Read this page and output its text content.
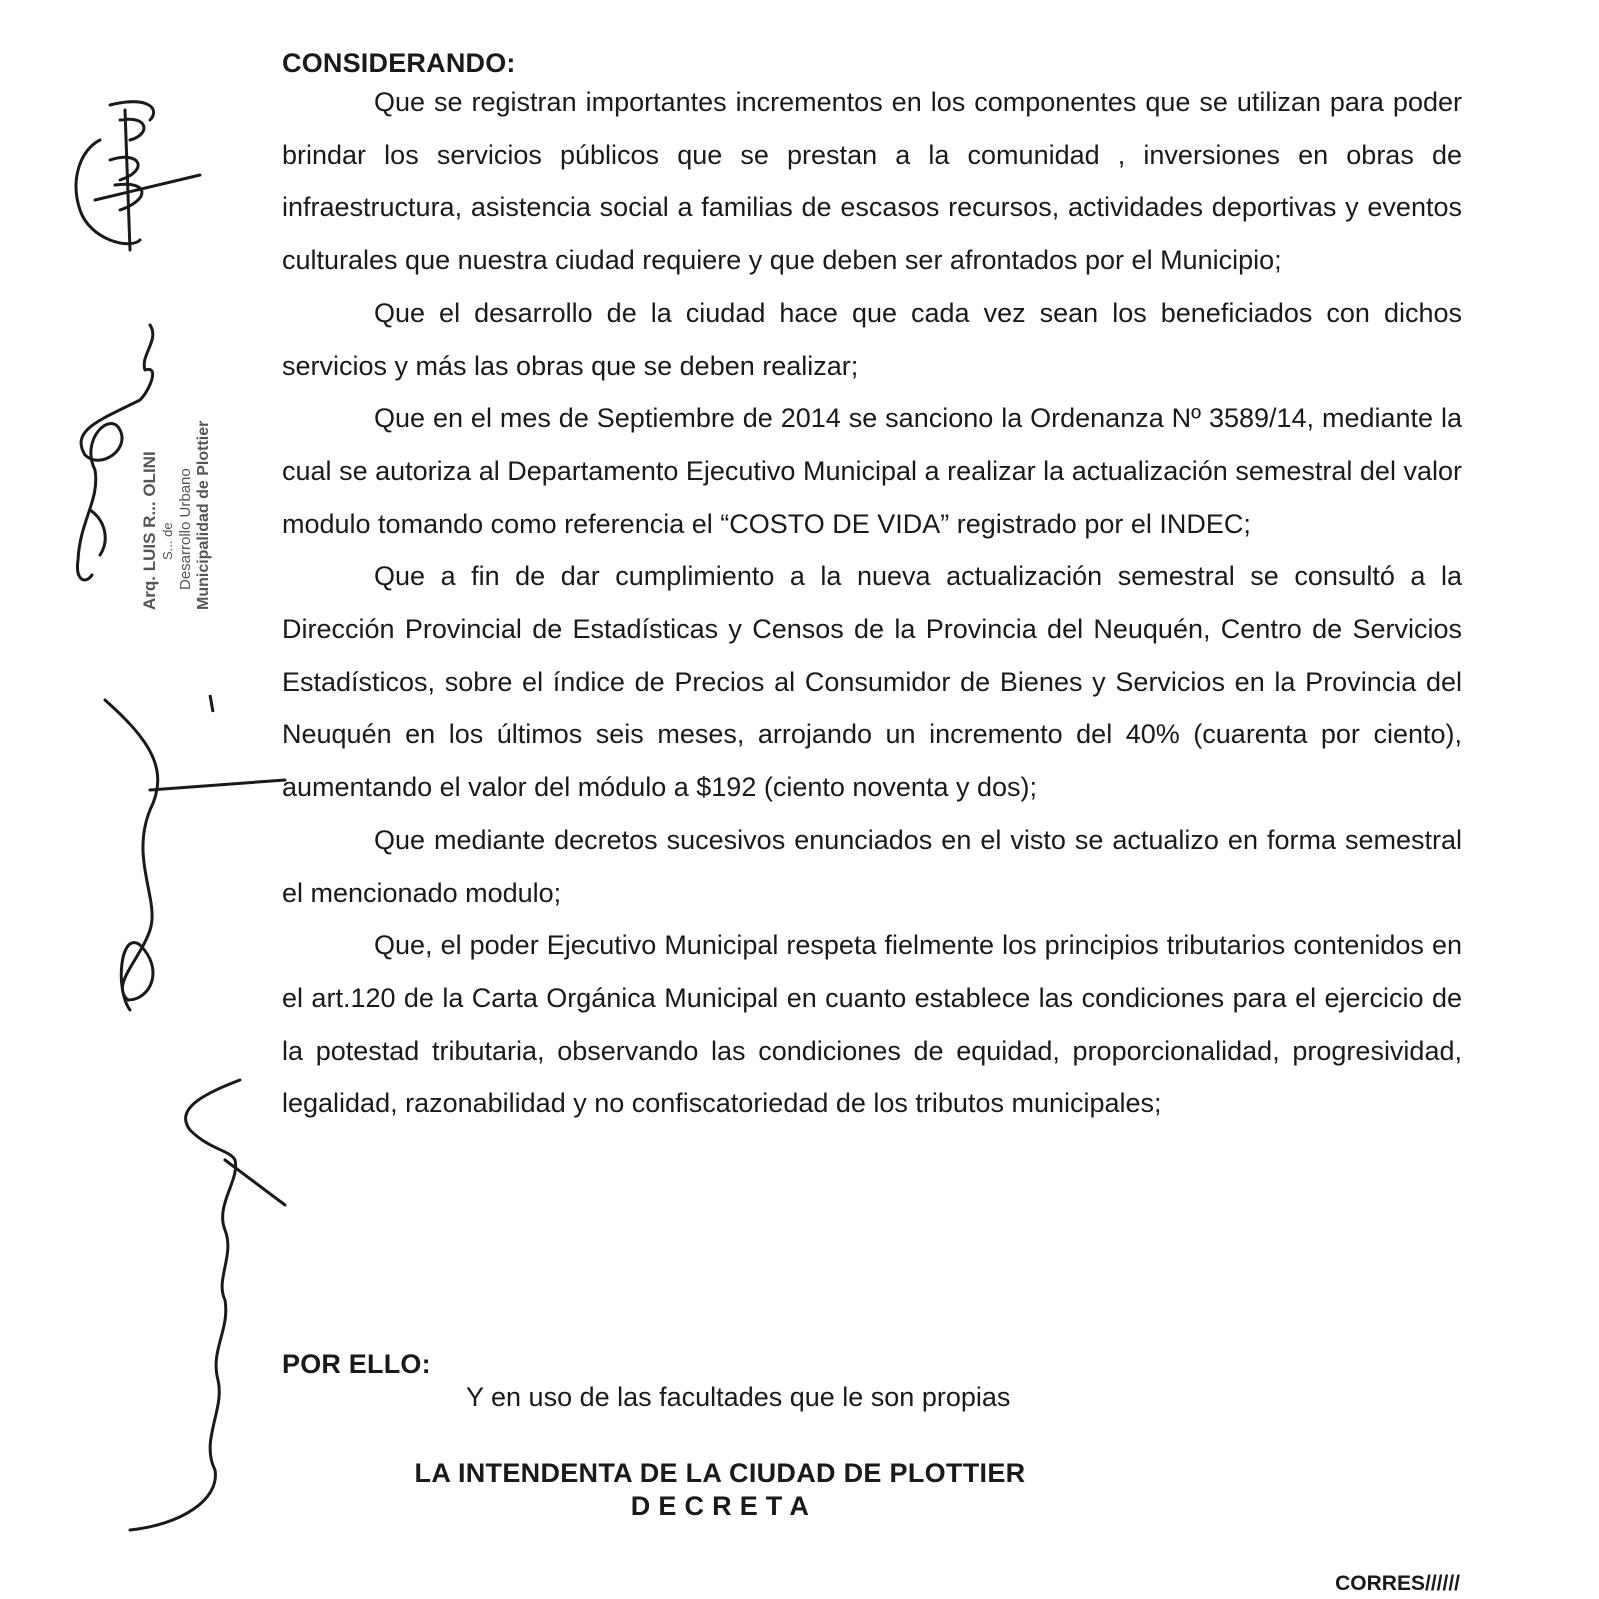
CONSIDERANDO:

Que se registran importantes incrementos en los componentes que se utilizan para poder brindar los servicios públicos que se prestan a la comunidad , inversiones en obras de infraestructura, asistencia social a familias de escasos recursos, actividades deportivas y eventos culturales que nuestra ciudad requiere y que deben ser afrontados por el Municipio;

Que el desarrollo de la ciudad hace que cada vez sean los beneficiados con dichos servicios y más las obras que se deben realizar;

Que en el mes de Septiembre de 2014 se sanciono la Ordenanza Nº 3589/14, mediante la cual se autoriza al Departamento Ejecutivo Municipal a realizar la actualización semestral del valor modulo tomando como referencia el “COSTO DE VIDA” registrado por el INDEC;

Que a fin de dar cumplimiento a la nueva actualización semestral se consultó a la Dirección Provincial de Estadísticas y Censos de la Provincia del Neuquén, Centro de Servicios Estadísticos, sobre el índice de Precios al Consumidor de Bienes y Servicios en la Provincia del Neuquén en los últimos seis meses, arrojando un incremento del 40% (cuarenta por ciento), aumentando el valor del módulo a $192 (ciento noventa y dos);

Que mediante decretos sucesivos enunciados en el visto se actualizo en forma semestral el mencionado modulo;

Que, el poder Ejecutivo Municipal respeta fielmente los principios tributarios contenidos en el art.120 de la Carta Orgánica Municipal en cuanto establece las condiciones para el ejercicio de la potestad tributaria, observando las condiciones de equidad, proporcionalidad, progresividad, legalidad, razonabilidad y no confiscatoriedad de los tributos municipales;

POR ELLO:
Y en uso de las facultades que le son propias
LA INTENDENTA DE LA CIUDAD DE PLOTTIER
D E C R E T A
CORRES//////
Arq. LUIS R... OLINI S... de Desarrollo Urbano Municipalidad de Plottier
